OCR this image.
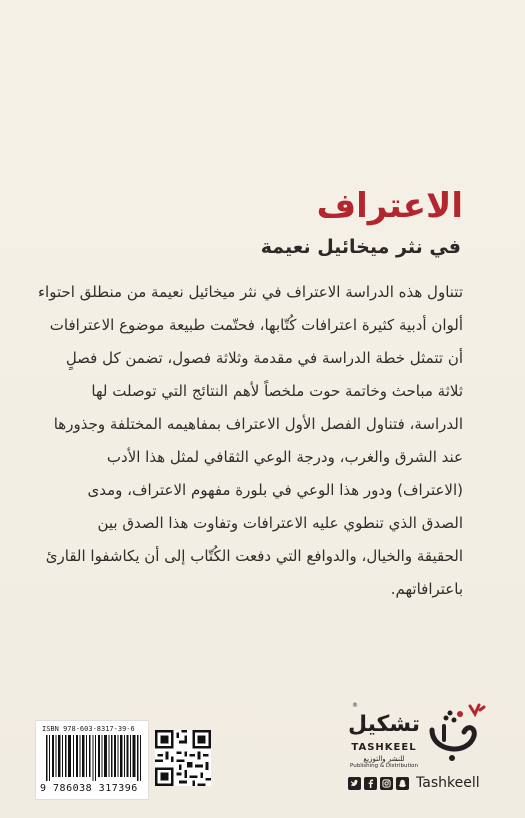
الاعتراف
في نثر ميخائيل نعيمة
تتناول هذه الدراسة الاعتراف في نثر ميخائيل نعيمة من منطلق احتواء
ألوان أدبية كثيرة اعترافات كُتّابها، فحتّمت طبيعة موضوع الاعترافات
أن تتمثل خطة الدراسة في مقدمة وثلاثة فصول، تضمن كل فصلٍ
ثلاثة مباحث وخاتمة حوت ملخصاً لأهم النتائج التي توصلت لها
الدراسة، فتناول الفصل الأول الاعتراف بمفاهيمه المختلفة وجذورها
عند الشرق والغرب، ودرجة الوعي الثقافي لمثل هذا الأدب
(الاعتراف) ودور هذا الوعي في بلورة مفهوم الاعتراف، ومدى
الصدق الذي تنطوي عليه الاعترافات وتفاوت هذا الصدق بين
الحقيقة والخيال، والدوافع التي دفعت الكُتّاب إلى أن يكاشفوا القارئ
باعترافاتهم.
ISBN 978-603-8317-39-6
9 786038 317396
®
تشكيل
TASHKEEL
للنشر والتوزيع
Publishing & Distribution
Tashkeell
